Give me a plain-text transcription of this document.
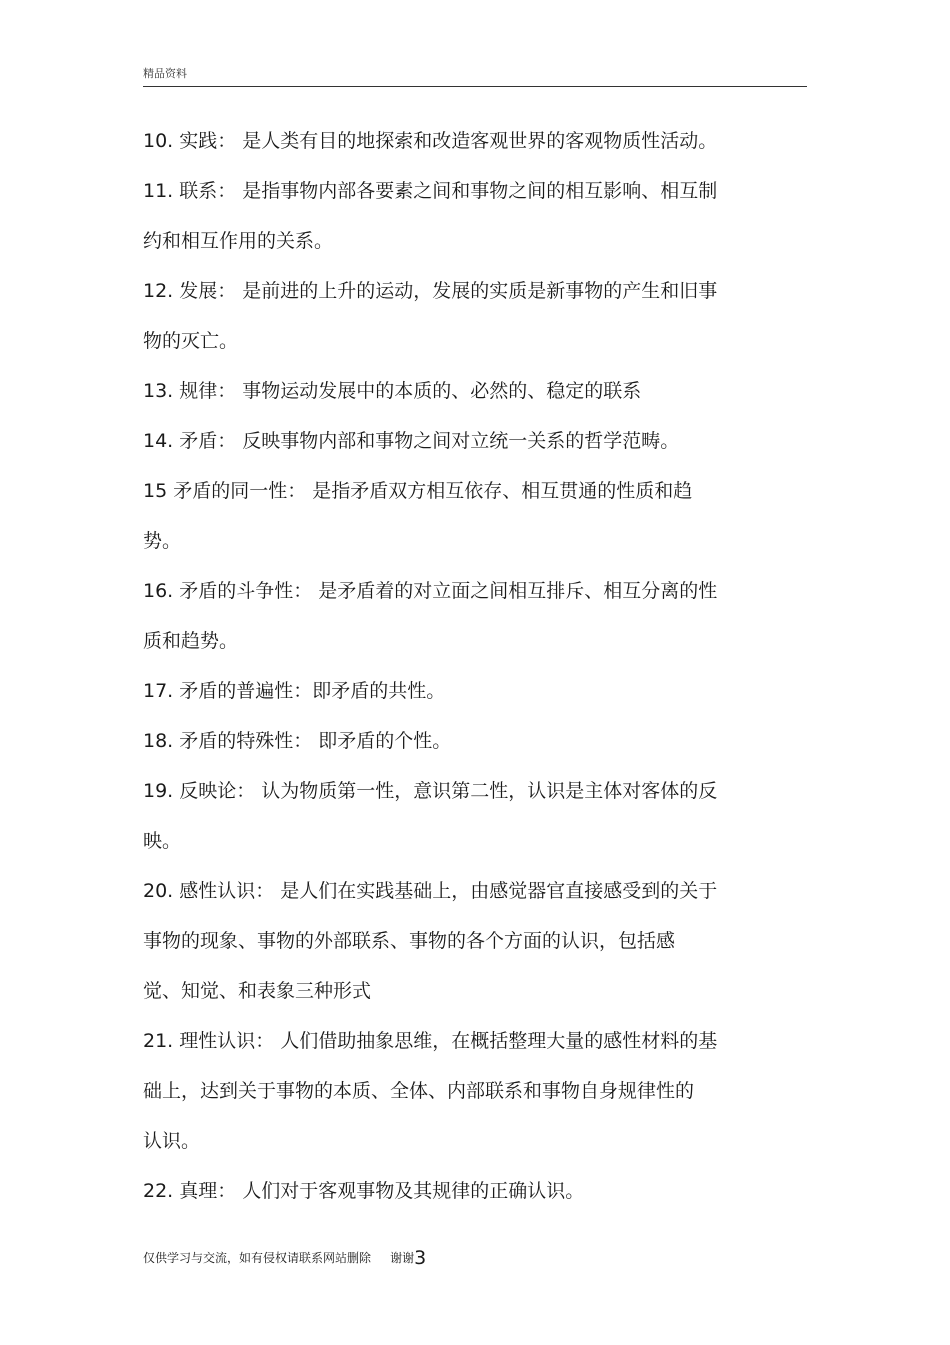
精品资料
10. 实践： 是人类有目的地探索和改造客观世界的客观物质性活动。
11. 联系： 是指事物内部各要素之间和事物之间的相互影响、相互制
约和相互作用的关系。
12. 发展： 是前进的上升的运动，发展的实质是新事物的产生和旧事
物的灭亡。
13. 规律： 事物运动发展中的本质的、必然的、稳定的联系
14. 矛盾： 反映事物内部和事物之间对立统一关系的哲学范畴。
15 矛盾的同一性： 是指矛盾双方相互依存、相互贯通的性质和趋
势。
16. 矛盾的斗争性： 是矛盾着的对立面之间相互排斥、相互分离的性
质和趋势。
17. 矛盾的普遍性：即矛盾的共性。
18. 矛盾的特殊性： 即矛盾的个性。
19. 反映论： 认为物质第一性，意识第二性，认识是主体对客体的反
映。
20. 感性认识： 是人们在实践基础上，由感觉器官直接感受到的关于
事物的现象、事物的外部联系、事物的各个方面的认识，包括感
觉、知觉、和表象三种形式
21. 理性认识： 人们借助抽象思维，在概括整理大量的感性材料的基
础上，达到关于事物的本质、全体、内部联系和事物自身规律性的
认识。
22. 真理： 人们对于客观事物及其规律的正确认识。
仅供学习与交流，如有侵权请联系网站删除 谢谢3
